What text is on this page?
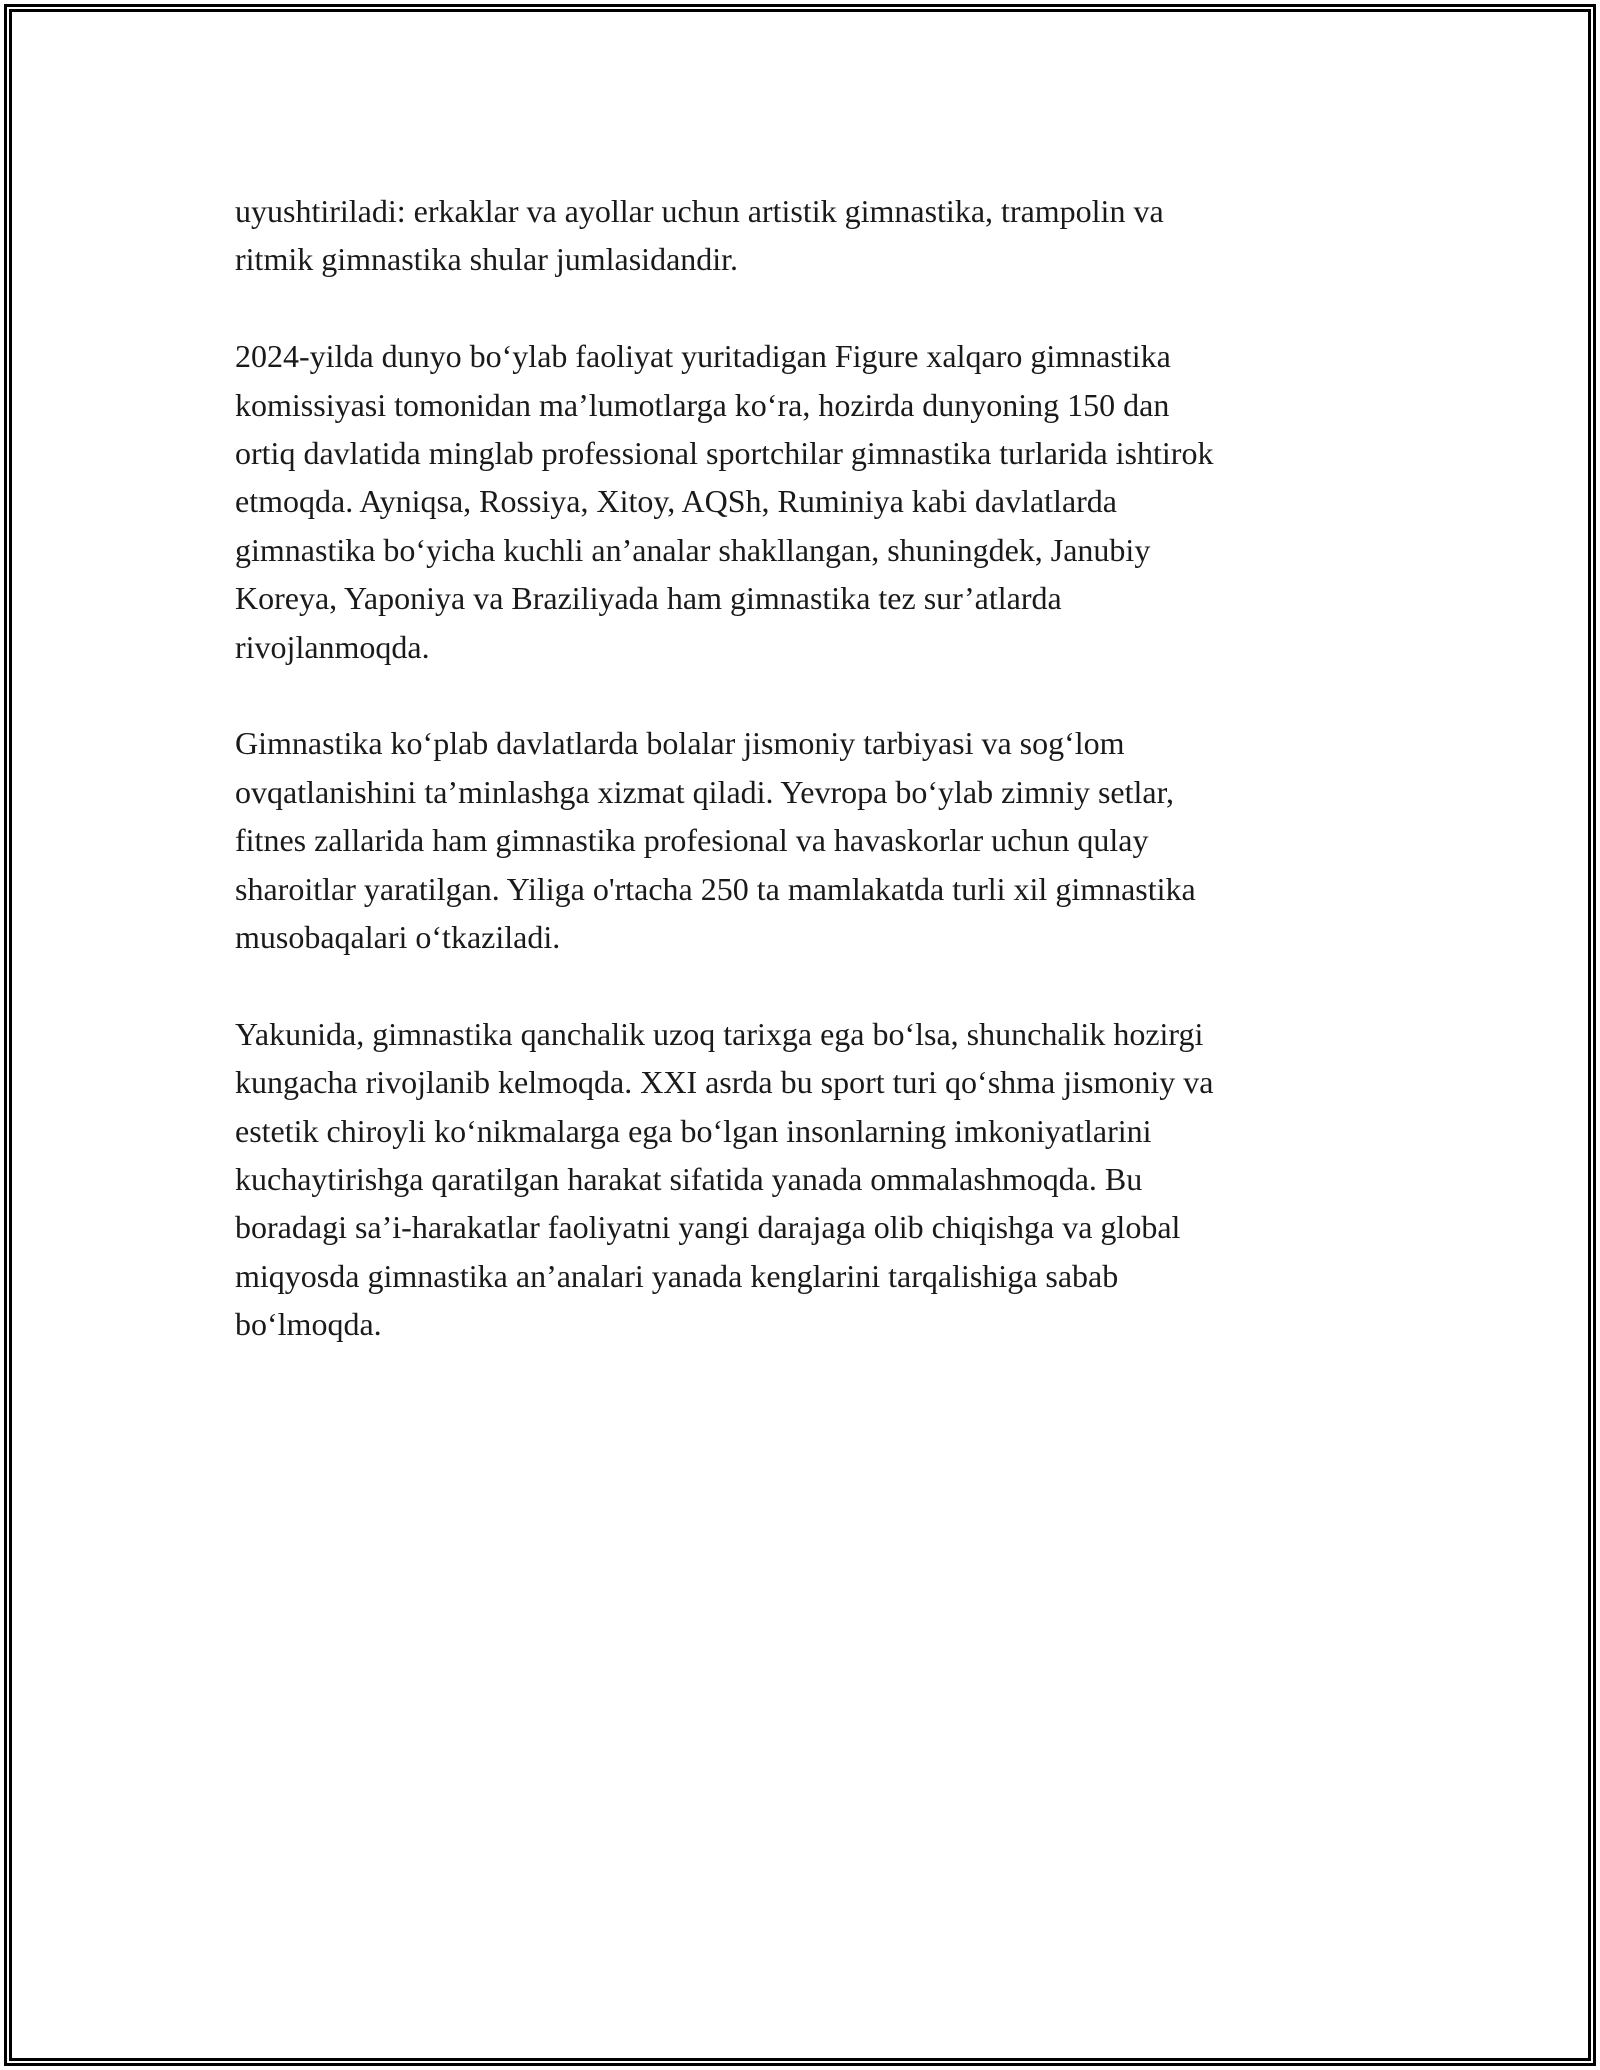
uyushtiriladi: erkaklar va ayollar uchun artistik gimnastika, trampolin va
ritmik gimnastika shular jumlasidandir.

2024-yilda dunyo bo‘ylab faoliyat yuritadigan Figure xalqaro gimnastika
komissiyasi tomonidan ma’lumotlarga ko‘ra, hozirda dunyoning 150 dan
ortiq davlatida minglab professional sportchilar gimnastika turlarida ishtirok
etmoqda. Ayniqsa, Rossiya, Xitoy, AQSh, Ruminiya kabi davlatlarda
gimnastika bo‘yicha kuchli an’analar shakllangan, shuningdek, Janubiy
Koreya, Yaponiya va Braziliyada ham gimnastika tez sur’atlarda
rivojlanmoqda.

Gimnastika ko‘plab davlatlarda bolalar jismoniy tarbiyasi va sog‘lom
ovqatlanishini ta’minlashga xizmat qiladi. Yevropa bo‘ylab zimniy setlar,
fitnes zallarida ham gimnastika profesional va havaskorlar uchun qulay
sharoitlar yaratilgan. Yiliga o'rtacha 250 ta mamlakatda turli xil gimnastika
musobaqalari o‘tkaziladi.

Yakunida, gimnastika qanchalik uzoq tarixga ega bo‘lsa, shunchalik hozirgi
kungacha rivojlanib kelmoqda. XXI asrda bu sport turi qo‘shma jismoniy va
estetik chiroyli ko‘nikmalarga ega bo‘lgan insonlarning imkoniyatlarini
kuchaytirishga qaratilgan harakat sifatida yanada ommalashmoqda. Bu
boradagi sa’i-harakatlar faoliyatni yangi darajaga olib chiqishga va global
miqyosda gimnastika an’analari yanada kenglarini tarqalishiga sabab
bo‘lmoqda.
